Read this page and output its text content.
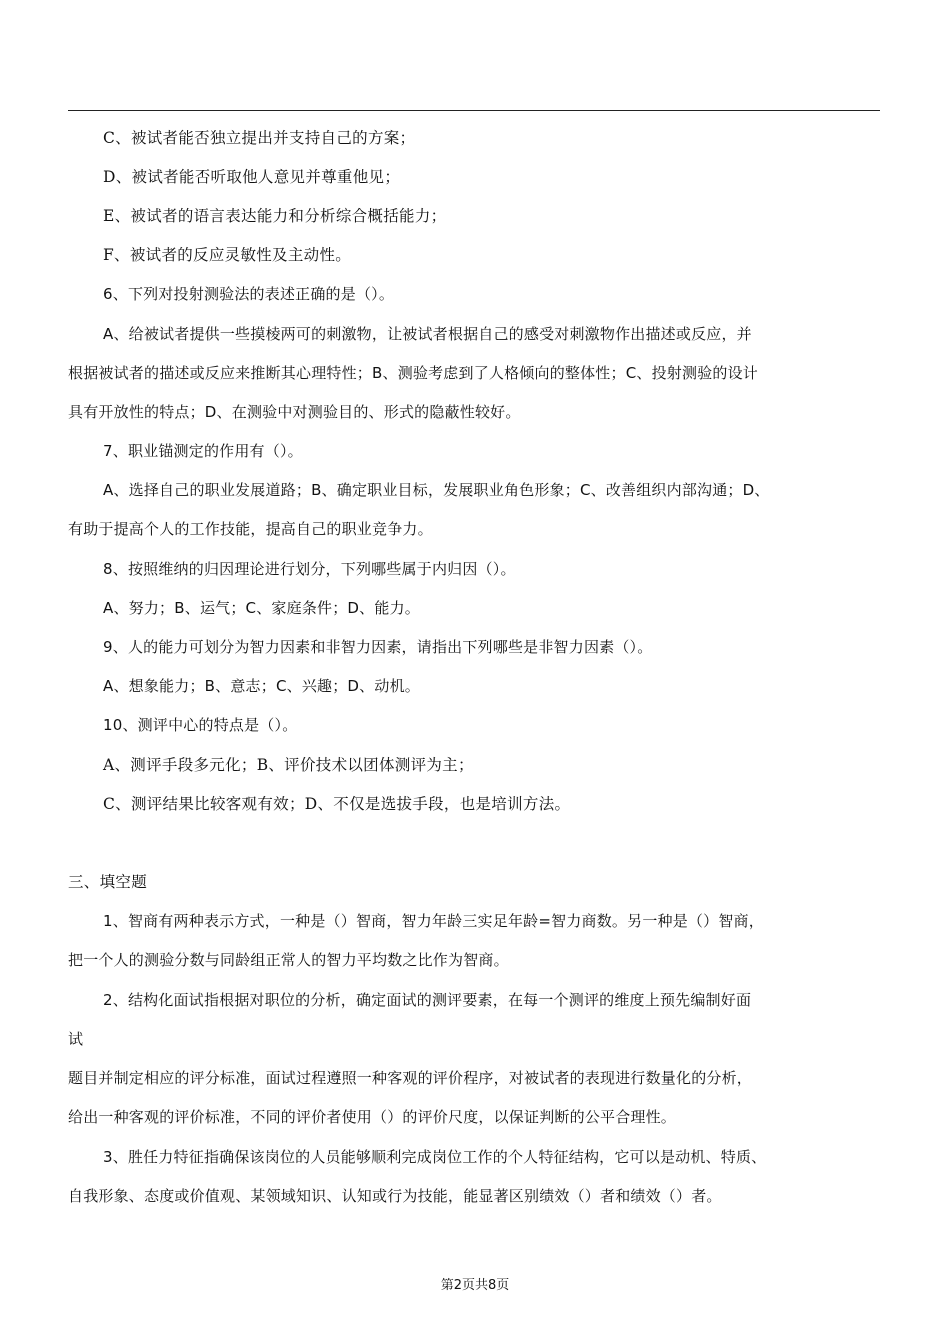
C、被试者能否独立提出并支持自己的方案；
D、被试者能否听取他人意见并尊重他见；
E、被试者的语言表达能力和分析综合概括能力；
F、被试者的反应灵敏性及主动性。
6、下列对投射测验法的表述正确的是（）。
A、给被试者提供一些摸棱两可的刺激物，让被试者根据自己的感受对刺激物作出描述或反应，并
根据被试者的描述或反应来推断其心理特性；B、测验考虑到了人格倾向的整体性；C、投射测验的设计
具有开放性的特点；D、在测验中对测验目的、形式的隐蔽性较好。
7、职业锚测定的作用有（）。
A、选择自己的职业发展道路；B、确定职业目标，发展职业角色形象；C、改善组织内部沟通；D、
有助于提高个人的工作技能，提高自己的职业竞争力。
8、按照维纳的归因理论进行划分，下列哪些属于内归因（）。
A、努力；B、运气；C、家庭条件；D、能力。
9、人的能力可划分为智力因素和非智力因素，请指出下列哪些是非智力因素（）。
A、想象能力；B、意志；C、兴趣；D、动机。
10、测评中心的特点是（）。
A、测评手段多元化；B、评价技术以团体测评为主；
C、测评结果比较客观有效；D、不仅是选拔手段，也是培训方法。
三、填空题
1、智商有两种表示方式，一种是（）智商，智力年龄三实足年龄=智力商数。另一种是（）智商，
把一个人的测验分数与同龄组正常人的智力平均数之比作为智商。
2、结构化面试指根据对职位的分析，确定面试的测评要素，在每一个测评的维度上预先编制好面
试
题目并制定相应的评分标准，面试过程遵照一种客观的评价程序，对被试者的表现进行数量化的分析，
给出一种客观的评价标准，不同的评价者使用（）的评价尺度，以保证判断的公平合理性。
3、胜任力特征指确保该岗位的人员能够顺利完成岗位工作的个人特征结构，它可以是动机、特质、
自我形象、态度或价值观、某领域知识、认知或行为技能，能显著区别绩效（）者和绩效（）者。
第2页共8页
